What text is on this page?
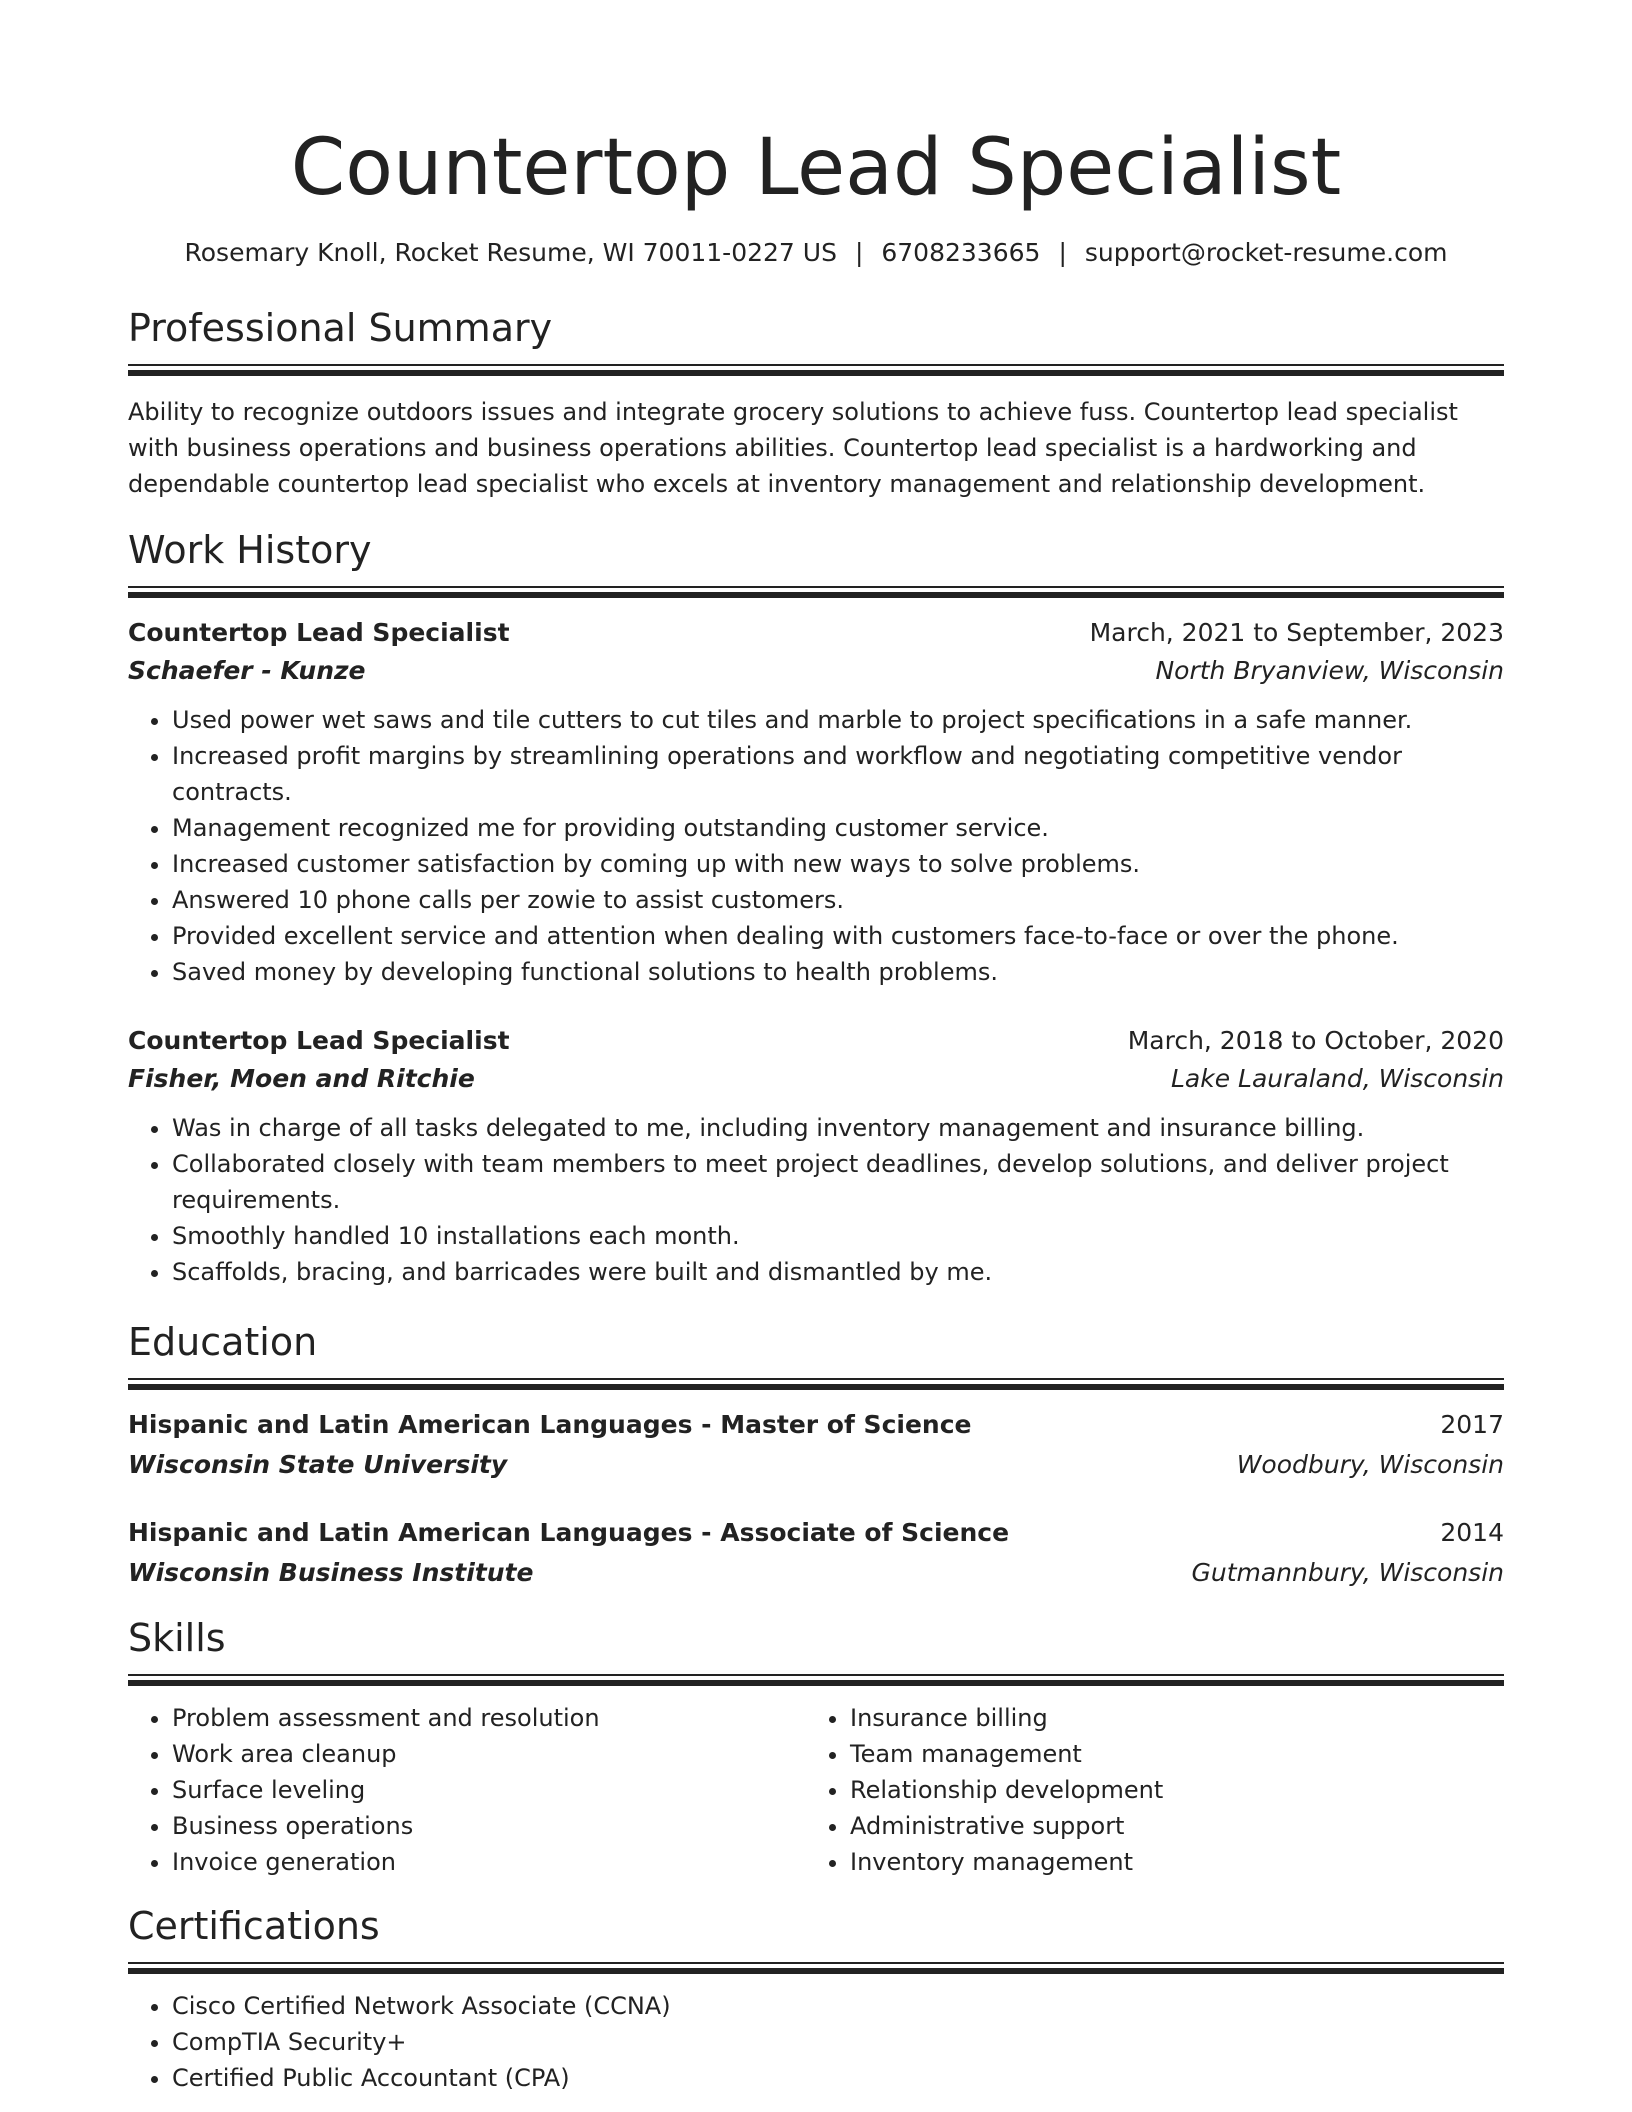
Countertop Lead Specialist
Rosemary Knoll, Rocket Resume, WI 70011-0227 US | 6708233665 | support@rocket-resume.com
Professional Summary

Ability to recognize outdoors issues and integrate grocery solutions to achieve fuss. Countertop lead specialist with business operations and business operations abilities. Countertop lead specialist is a hardworking and dependable countertop lead specialist who excels at inventory management and relationship development.

Work History
Countertop Lead Specialist	March, 2021 to September, 2023
Schaefer - Kunze	North Bryanview, Wisconsin
• Used power wet saws and tile cutters to cut tiles and marble to project specifications in a safe manner.
• Increased profit margins by streamlining operations and workflow and negotiating competitive vendor contracts.
• Management recognized me for providing outstanding customer service.
• Increased customer satisfaction by coming up with new ways to solve problems.
• Answered 10 phone calls per zowie to assist customers.
• Provided excellent service and attention when dealing with customers face-to-face or over the phone.
• Saved money by developing functional solutions to health problems.
Countertop Lead Specialist	March, 2018 to October, 2020
Fisher, Moen and Ritchie	Lake Lauraland, Wisconsin
• Was in charge of all tasks delegated to me, including inventory management and insurance billing.
• Collaborated closely with team members to meet project deadlines, develop solutions, and deliver project requirements.
• Smoothly handled 10 installations each month.
• Scaffolds, bracing, and barricades were built and dismantled by me.
Education
Hispanic and Latin American Languages - Master of Science	2017
Wisconsin State University	Woodbury, Wisconsin
Hispanic and Latin American Languages - Associate of Science	2014
Wisconsin Business Institute	Gutmannbury, Wisconsin
Skills
• Problem assessment and resolution
• Work area cleanup
• Surface leveling
• Business operations
• Invoice generation
• Insurance billing
• Team management
• Relationship development
• Administrative support
• Inventory management
Certifications
• Cisco Certified Network Associate (CCNA)
• CompTIA Security+
• Certified Public Accountant (CPA)
